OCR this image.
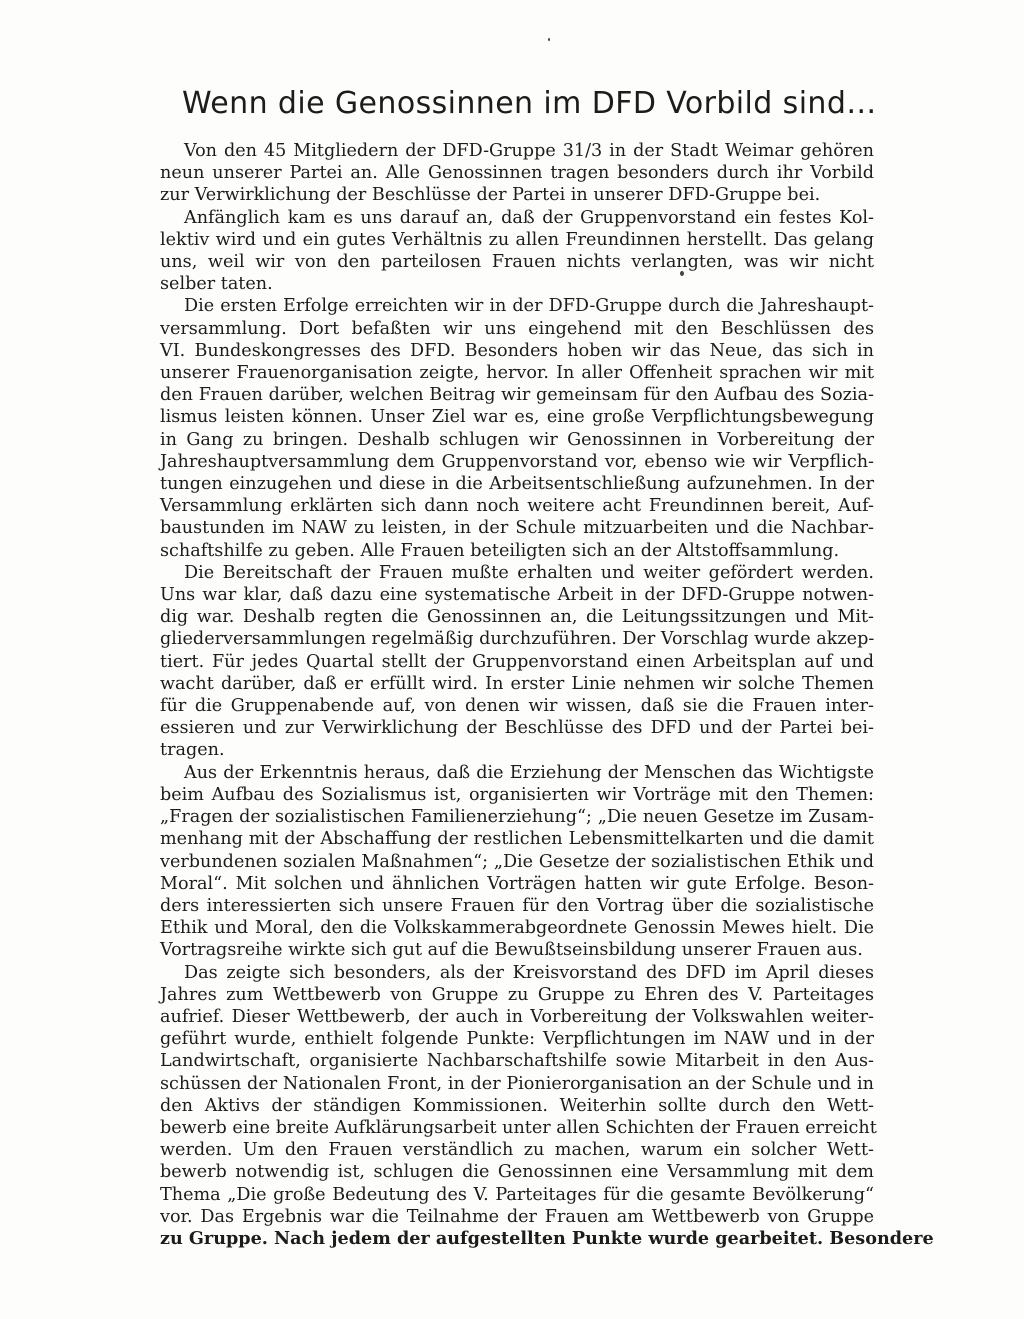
Wenn die Genossinnen im DFD Vorbild sind…
Von den 45 Mitgliedern der DFD-Gruppe 31/3 in der Stadt Weimar gehören
neun unserer Partei an. Alle Genossinnen tragen besonders durch ihr Vorbild
zur Verwirklichung der Beschlüsse der Partei in unserer DFD-Gruppe bei.
Anfänglich kam es uns darauf an, daß der Gruppenvorstand ein festes Kol-
lektiv wird und ein gutes Verhältnis zu allen Freundinnen herstellt. Das gelang
uns, weil wir von den parteilosen Frauen nichts verlangten, was wir nicht
selber taten.
Die ersten Erfolge erreichten wir in der DFD-Gruppe durch die Jahreshaupt-
versammlung. Dort befaßten wir uns eingehend mit den Beschlüssen des
VI. Bundeskongresses des DFD. Besonders hoben wir das Neue, das sich in
unserer Frauenorganisation zeigte, hervor. In aller Offenheit sprachen wir mit
den Frauen darüber, welchen Beitrag wir gemeinsam für den Aufbau des Sozia-
lismus leisten können. Unser Ziel war es, eine große Verpflichtungsbewegung
in Gang zu bringen. Deshalb schlugen wir Genossinnen in Vorbereitung der
Jahreshauptversammlung dem Gruppenvorstand vor, ebenso wie wir Verpflich-
tungen einzugehen und diese in die Arbeitsentschließung aufzunehmen. In der
Versammlung erklärten sich dann noch weitere acht Freundinnen bereit, Auf-
baustunden im NAW zu leisten, in der Schule mitzuarbeiten und die Nachbar-
schaftshilfe zu geben. Alle Frauen beteiligten sich an der Altstoffsammlung.
Die Bereitschaft der Frauen mußte erhalten und weiter gefördert werden.
Uns war klar, daß dazu eine systematische Arbeit in der DFD-Gruppe notwen-
dig war. Deshalb regten die Genossinnen an, die Leitungssitzungen und Mit-
gliederversammlungen regelmäßig durchzuführen. Der Vorschlag wurde akzep-
tiert. Für jedes Quartal stellt der Gruppenvorstand einen Arbeitsplan auf und
wacht darüber, daß er erfüllt wird. In erster Linie nehmen wir solche Themen
für die Gruppenabende auf, von denen wir wissen, daß sie die Frauen inter-
essieren und zur Verwirklichung der Beschlüsse des DFD und der Partei bei-
tragen.
Aus der Erkenntnis heraus, daß die Erziehung der Menschen das Wichtigste
beim Aufbau des Sozialismus ist, organisierten wir Vorträge mit den Themen:
„Fragen der sozialistischen Familienerziehung“; „Die neuen Gesetze im Zusam-
menhang mit der Abschaffung der restlichen Lebensmittelkarten und die damit
verbundenen sozialen Maßnahmen“; „Die Gesetze der sozialistischen Ethik und
Moral“. Mit solchen und ähnlichen Vorträgen hatten wir gute Erfolge. Beson-
ders interessierten sich unsere Frauen für den Vortrag über die sozialistische
Ethik und Moral, den die Volkskammerabgeordnete Genossin Mewes hielt. Die
Vortragsreihe wirkte sich gut auf die Bewußtseinsbildung unserer Frauen aus.
Das zeigte sich besonders, als der Kreisvorstand des DFD im April dieses
Jahres zum Wettbewerb von Gruppe zu Gruppe zu Ehren des V. Parteitages
aufrief. Dieser Wettbewerb, der auch in Vorbereitung der Volkswahlen weiter-
geführt wurde, enthielt folgende Punkte: Verpflichtungen im NAW und in der
Landwirtschaft, organisierte Nachbarschaftshilfe sowie Mitarbeit in den Aus-
schüssen der Nationalen Front, in der Pionierorganisation an der Schule und in
den Aktivs der ständigen Kommissionen. Weiterhin sollte durch den Wett-
bewerb eine breite Aufklärungsarbeit unter allen Schichten der Frauen erreicht
werden. Um den Frauen verständlich zu machen, warum ein solcher Wett-
bewerb notwendig ist, schlugen die Genossinnen eine Versammlung mit dem
Thema „Die große Bedeutung des V. Parteitages für die gesamte Bevölkerung“
vor. Das Ergebnis war die Teilnahme der Frauen am Wettbewerb von Gruppe
zu Gruppe. Nach jedem der aufgestellten Punkte wurde gearbeitet. Besondere
